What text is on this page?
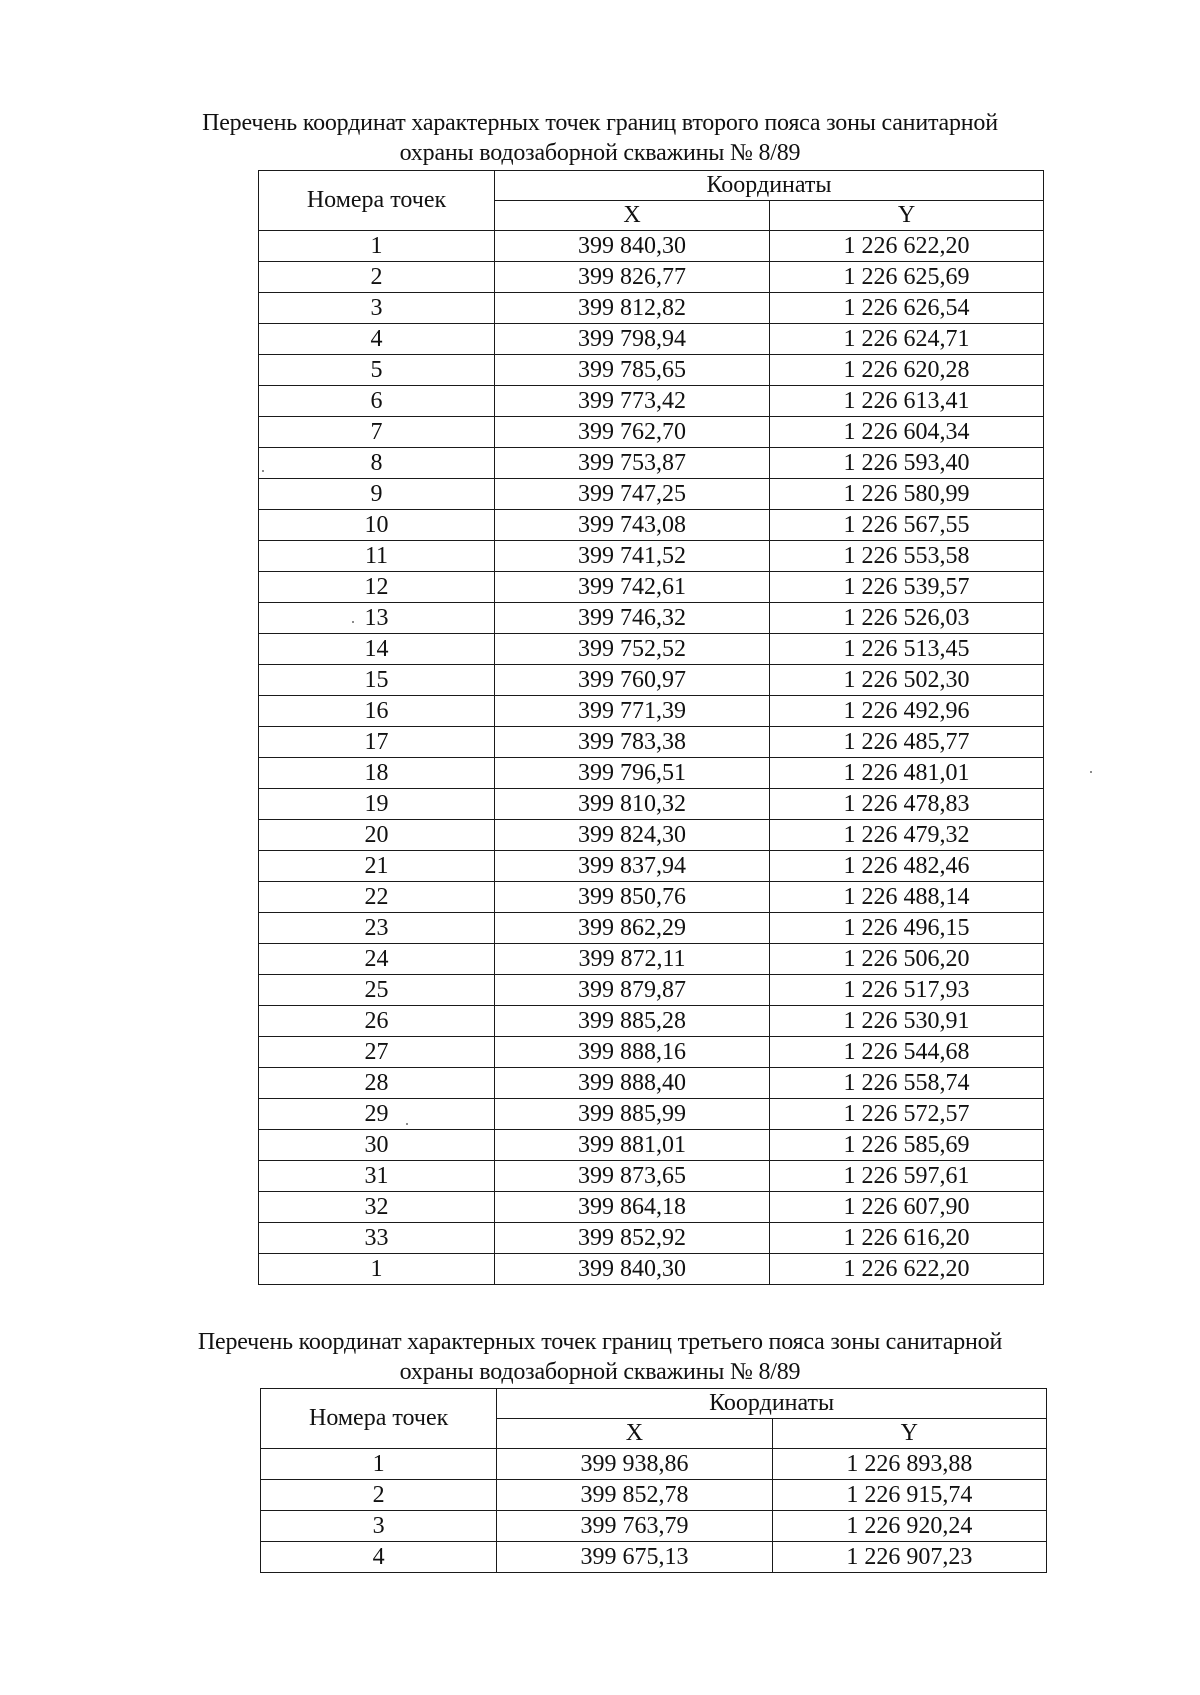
Перечень координат характерных точек границ второго пояса зоны санитарной
охраны водозаборной скважины № 8/89
Номера точек	Координаты	
	X	Y
1	399 840,30	1 226 622,20
2	399 826,77	1 226 625,69
3	399 812,82	1 226 626,54
4	399 798,94	1 226 624,71
5	399 785,65	1 226 620,28
6	399 773,42	1 226 613,41
7	399 762,70	1 226 604,34
8	399 753,87	1 226 593,40
9	399 747,25	1 226 580,99
10	399 743,08	1 226 567,55
11	399 741,52	1 226 553,58
12	399 742,61	1 226 539,57
13	399 746,32	1 226 526,03
14	399 752,52	1 226 513,45
15	399 760,97	1 226 502,30
16	399 771,39	1 226 492,96
17	399 783,38	1 226 485,77
18	399 796,51	1 226 481,01
19	399 810,32	1 226 478,83
20	399 824,30	1 226 479,32
21	399 837,94	1 226 482,46
22	399 850,76	1 226 488,14
23	399 862,29	1 226 496,15
24	399 872,11	1 226 506,20
25	399 879,87	1 226 517,93
26	399 885,28	1 226 530,91
27	399 888,16	1 226 544,68
28	399 888,40	1 226 558,74
29	399 885,99	1 226 572,57
30	399 881,01	1 226 585,69
31	399 873,65	1 226 597,61
32	399 864,18	1 226 607,90
33	399 852,92	1 226 616,20
1	399 840,30	1 226 622,20
Перечень координат характерных точек границ третьего пояса зоны санитарной
охраны водозаборной скважины № 8/89
Номера точек	Координаты	
	X	Y
1	399 938,86	1 226 893,88
2	399 852,78	1 226 915,74
3	399 763,79	1 226 920,24
4	399 675,13	1 226 907,23
